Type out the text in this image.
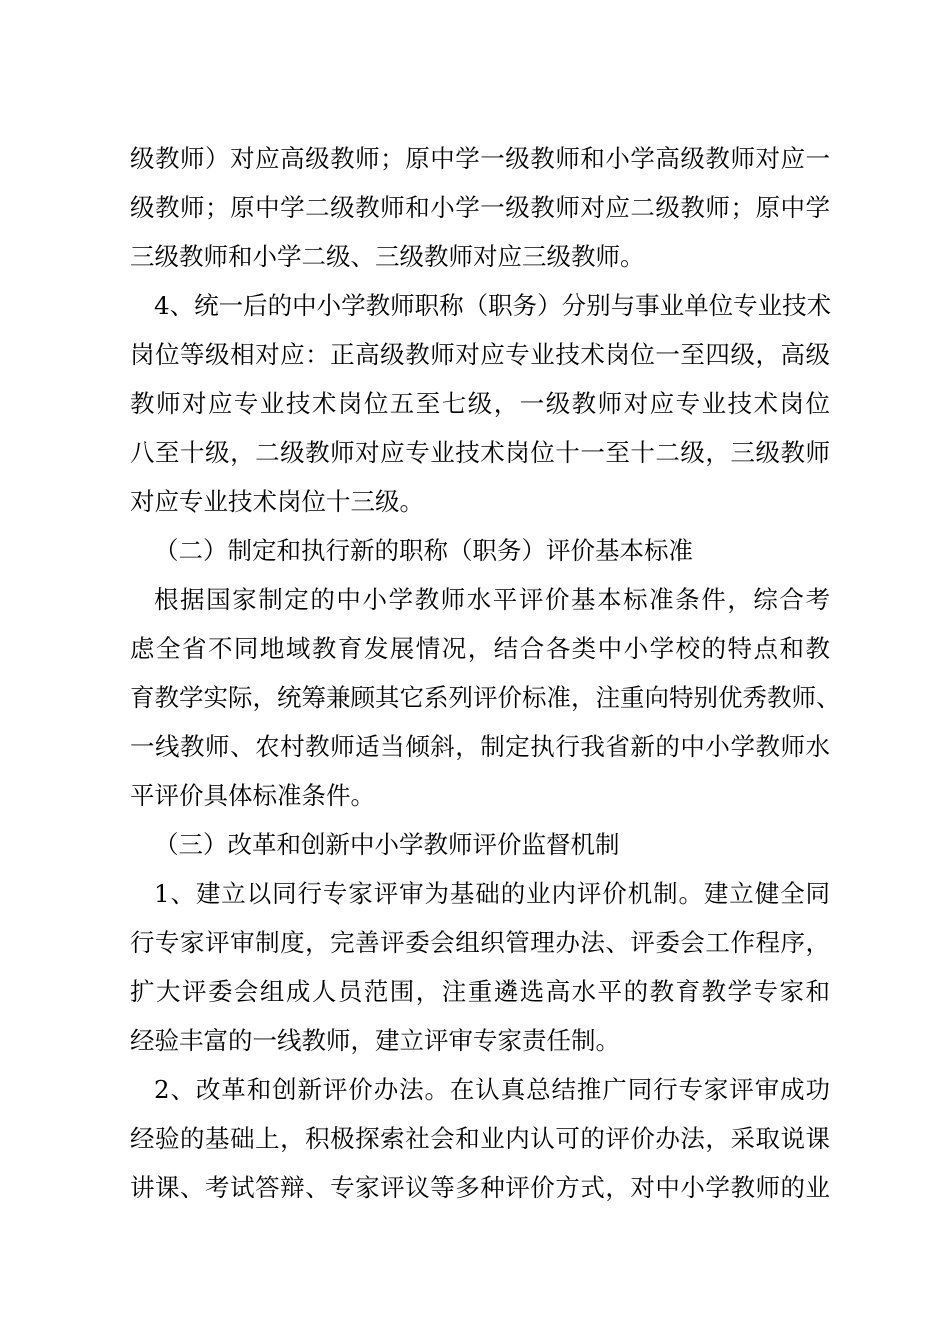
级教师）对应高级教师；原中学一级教师和小学高级教师对应一
级教师；原中学二级教师和小学一级教师对应二级教师；原中学
三级教师和小学二级、三级教师对应三级教师。
4、统一后的中小学教师职称（职务）分别与事业单位专业技术
岗位等级相对应：正高级教师对应专业技术岗位一至四级，高级
教师对应专业技术岗位五至七级，一级教师对应专业技术岗位
八至十级，二级教师对应专业技术岗位十一至十二级，三级教师
对应专业技术岗位十三级。
（二）制定和执行新的职称（职务）评价基本标准
根据国家制定的中小学教师水平评价基本标准条件，综合考
虑全省不同地域教育发展情况，结合各类中小学校的特点和教
育教学实际，统筹兼顾其它系列评价标准，注重向特别优秀教师、
一线教师、农村教师适当倾斜，制定执行我省新的中小学教师水
平评价具体标准条件。
（三）改革和创新中小学教师评价监督机制
1、建立以同行专家评审为基础的业内评价机制。建立健全同
行专家评审制度，完善评委会组织管理办法、评委会工作程序，
扩大评委会组成人员范围，注重遴选高水平的教育教学专家和
经验丰富的一线教师，建立评审专家责任制。
2、改革和创新评价办法。在认真总结推广同行专家评审成功
经验的基础上，积极探索社会和业内认可的评价办法，采取说课
讲课、考试答辩、专家评议等多种评价方式，对中小学教师的业
